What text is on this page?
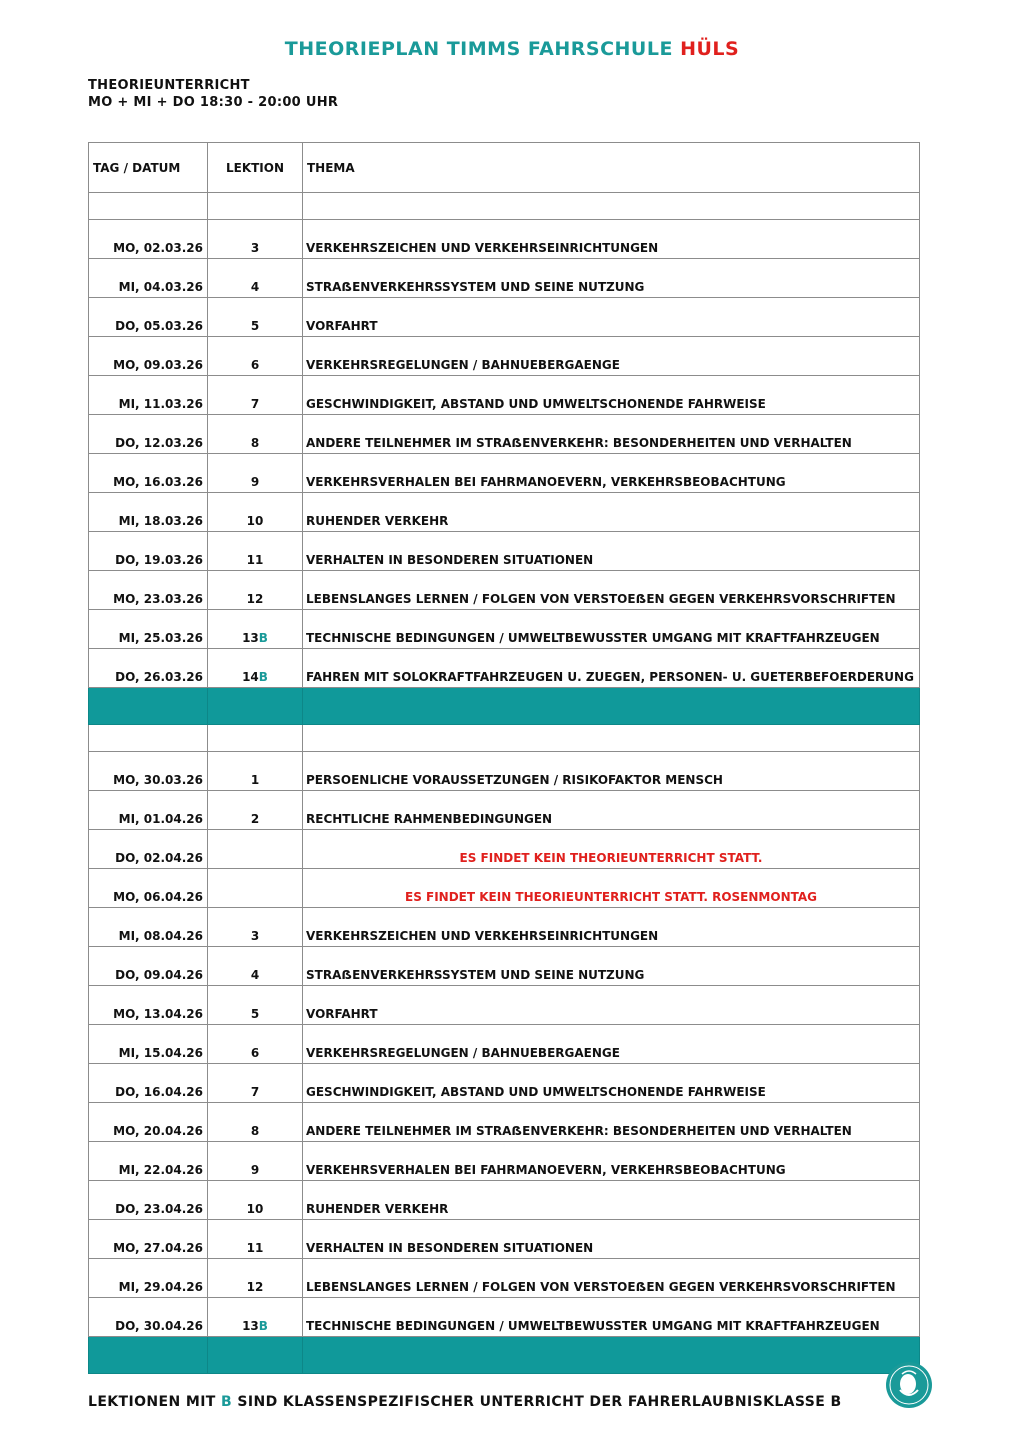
THEORIEPLAN TIMMS FAHRSCHULE HÜLS
THEORIEUNTERRICHT
MO + MI + DO 18:30 - 20:00 UHR
TAG / DATUM	LEKTION	THEMA

MO, 02.03.26	3	VERKEHRSZEICHEN UND VERKEHRSEINRICHTUNGEN
MI, 04.03.26	4	STRAẞENVERKEHRSSYSTEM UND SEINE NUTZUNG
DO, 05.03.26	5	VORFAHRT
MO, 09.03.26	6	VERKEHRSREGELUNGEN / BAHNUEBERGAENGE
MI, 11.03.26	7	GESCHWINDIGKEIT, ABSTAND UND UMWELTSCHONENDE FAHRWEISE
DO, 12.03.26	8	ANDERE TEILNEHMER IM STRAẞENVERKEHR: BESONDERHEITEN UND VERHALTEN
MO, 16.03.26	9	VERKEHRSVERHALEN BEI FAHRMANOEVERN, VERKEHRSBEOBACHTUNG
MI, 18.03.26	10	RUHENDER VERKEHR
DO, 19.03.26	11	VERHALTEN IN BESONDEREN SITUATIONEN
MO, 23.03.26	12	LEBENSLANGES LERNEN / FOLGEN VON VERSTOEẞEN GEGEN VERKEHRSVORSCHRIFTEN
MI, 25.03.26	13B	TECHNISCHE BEDINGUNGEN / UMWELTBEWUSSTER UMGANG MIT KRAFTFAHRZEUGEN
DO, 26.03.26	14B	FAHREN MIT SOLOKRAFTFAHRZEUGEN U. ZUEGEN, PERSONEN- U. GUETERBEFOERDERUNG

MO, 30.03.26	1	PERSOENLICHE VORAUSSETZUNGEN / RISIKOFAKTOR MENSCH
MI, 01.04.26	2	RECHTLICHE RAHMENBEDINGUNGEN
DO, 02.04.26		ES FINDET KEIN THEORIEUNTERRICHT STATT.
MO, 06.04.26		ES FINDET KEIN THEORIEUNTERRICHT STATT. ROSENMONTAG
MI, 08.04.26	3	VERKEHRSZEICHEN UND VERKEHRSEINRICHTUNGEN
DO, 09.04.26	4	STRAẞENVERKEHRSSYSTEM UND SEINE NUTZUNG
MO, 13.04.26	5	VORFAHRT
MI, 15.04.26	6	VERKEHRSREGELUNGEN / BAHNUEBERGAENGE
DO, 16.04.26	7	GESCHWINDIGKEIT, ABSTAND UND UMWELTSCHONENDE FAHRWEISE
MO, 20.04.26	8	ANDERE TEILNEHMER IM STRAẞENVERKEHR: BESONDERHEITEN UND VERHALTEN
MI, 22.04.26	9	VERKEHRSVERHALEN BEI FAHRMANOEVERN, VERKEHRSBEOBACHTUNG
DO, 23.04.26	10	RUHENDER VERKEHR
MO, 27.04.26	11	VERHALTEN IN BESONDEREN SITUATIONEN
MI, 29.04.26	12	LEBENSLANGES LERNEN / FOLGEN VON VERSTOEẞEN GEGEN VERKEHRSVORSCHRIFTEN
DO, 30.04.26	13B	TECHNISCHE BEDINGUNGEN / UMWELTBEWUSSTER UMGANG MIT KRAFTFAHRZEUGEN

LEKTIONEN MIT B SIND KLASSENSPEZIFISCHER UNTERRICHT DER FAHRERLAUBNISKLASSE B
